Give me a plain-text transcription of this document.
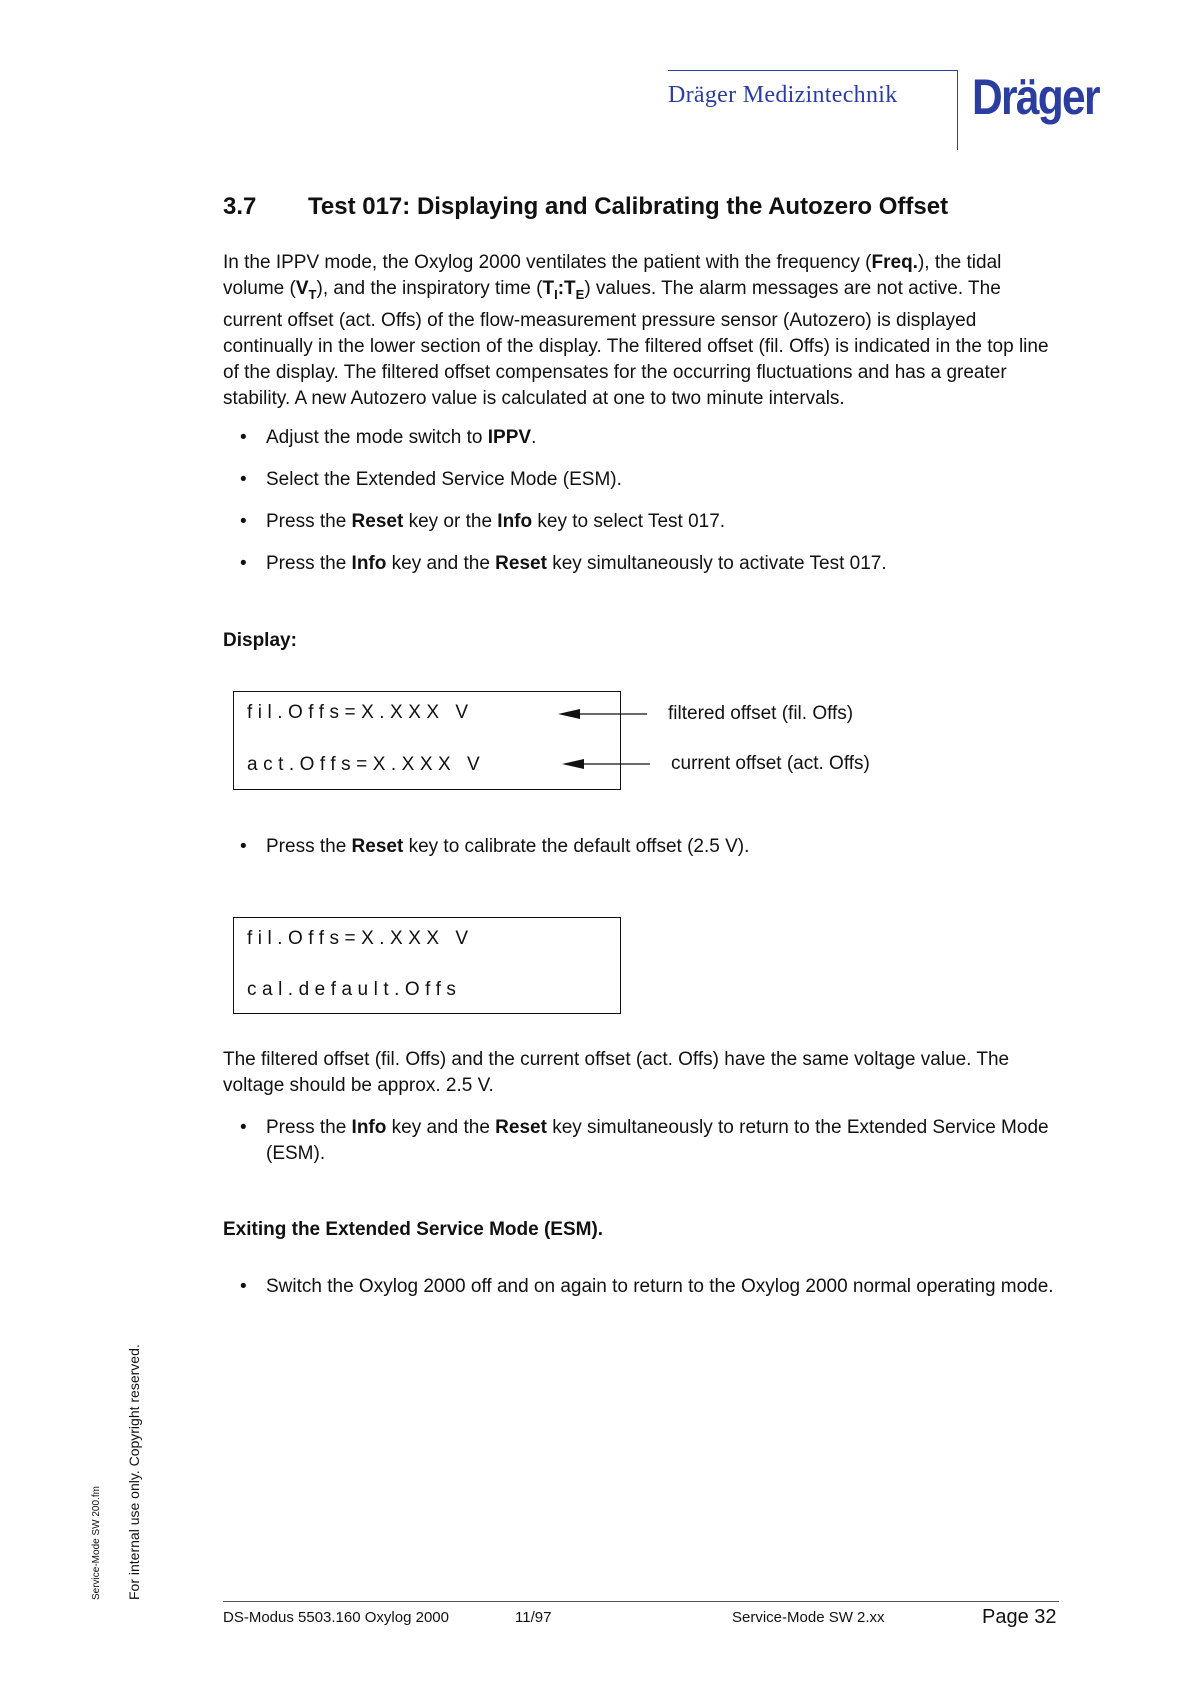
Dräger Medizintechnik Dräger
3.7 Test 017: Displaying and Calibrating the Autozero Offset
In the IPPV mode, the Oxylog 2000 ventilates the patient with the frequency (Freq.), the tidal volume $(V_T)$, and the inspiratory time $(T_I:T_E)$ values. The alarm messages are not active. The current offset (act. Offs) of the flow-measurement pressure sensor (Autozero) is displayed continually in the lower section of the display. The filtered offset (fil. Offs) is indicated in the top line of the display. The filtered offset compensates for the occurring fluctuations and has a greater stability. A new Autozero value is calculated at one to two minute intervals.
• Adjust the mode switch to IPPV.
• Select the Extended Service Mode (ESM).
• Press the Reset key or the Info key to select Test 017.
• Press the Info key and the Reset key simultaneously to activate Test 017.
Display:
fil.Offs=X.XXX V
act.Offs=X.XXX V
filtered offset (fil. Offs)
current offset (act. Offs)
• Press the Reset key to calibrate the default offset (2.5 V).
fil.Offs=X.XXX V
cal.default.Offs
The filtered offset (fil. Offs) and the current offset (act. Offs) have the same voltage value. The voltage should be approx. 2.5 V.
• Press the Info key and the Reset key simultaneously to return to the Extended Service Mode (ESM).
Exiting the Extended Service Mode (ESM).
• Switch the Oxylog 2000 off and on again to return to the Oxylog 2000 normal operating mode.
For internal use only. Copyright reserved.
Service-Mode SW 200.fm
DS-Modus 5503.160 Oxylog 2000	11/97	Service-Mode SW 2.xx	Page 32
